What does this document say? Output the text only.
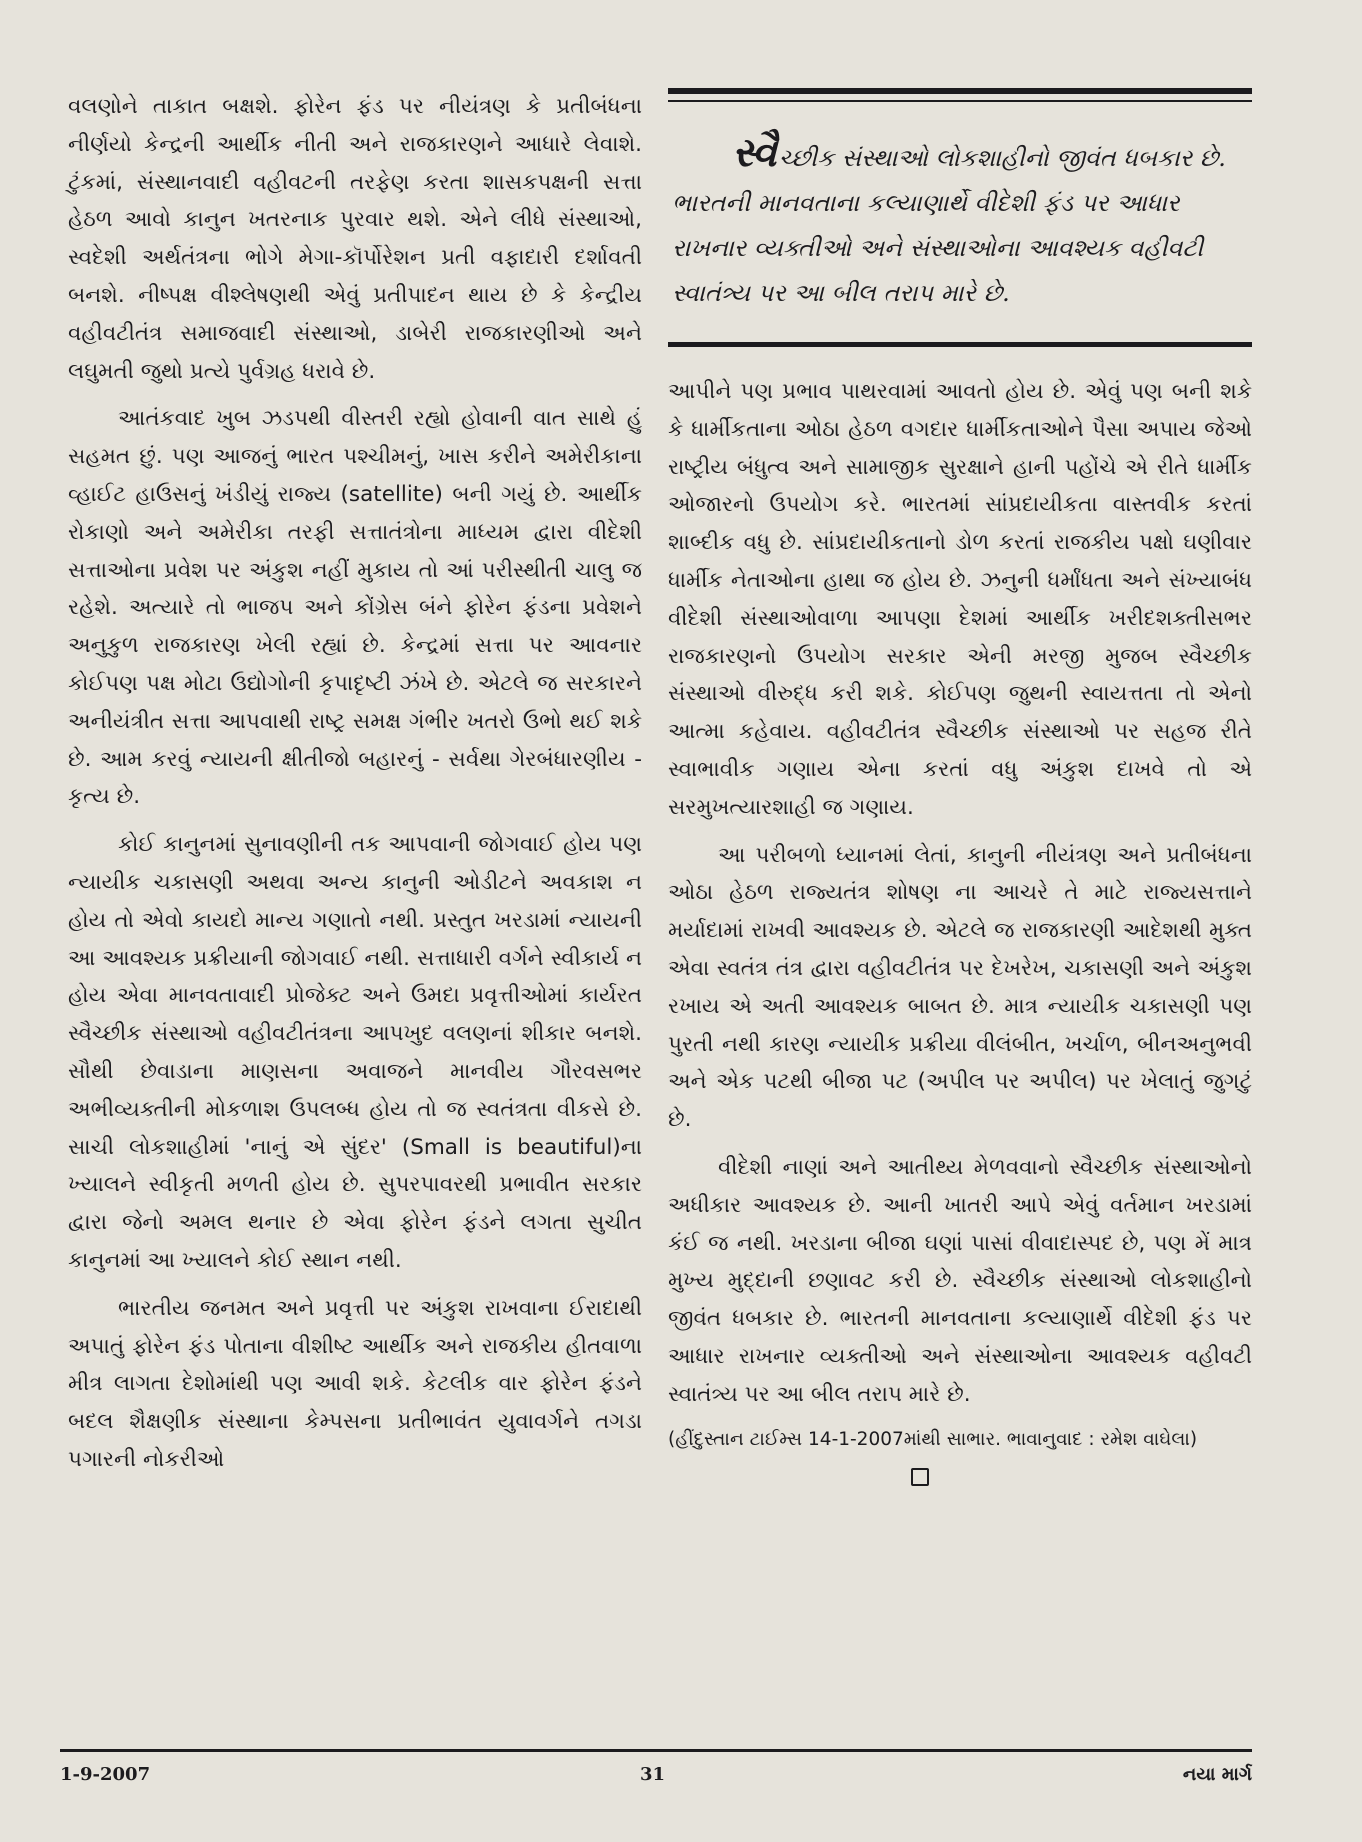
વલણોને તાકાત બક્ષશે. ફોરેન ફંડ પર નીયંત્રણ કે પ્રતીબંધના નીર્ણયો કેન્દ્રની આર્થીક નીતી અને રાજકારણને આધારે લેવાશે. ટુંકમાં, સંસ્થાનવાદી વહીવટની તરફેણ કરતા શાસકપક્ષની સત્તા હેઠળ આવો કાનુન ખતરનાક પુરવાર થશે. એને લીધે સંસ્થાઓ, સ્વદેશી અર્થતંત્રના ભોગે મેગા-કૉર્પોરેશન પ્રતી વફાદારી દર્શાવતી બનશે. નીષ્પક્ષ વીશ્લેષણથી એવું પ્રતીપાદન થાય છે કે કેન્દ્રીય વહીવટીતંત્ર સમાજવાદી સંસ્થાઓ, ડાબેરી રાજકારણીઓ અને લઘુમતી જુથો પ્રત્યે પુર્વગ્રહ ધરાવે છે.

આતંકવાદ ખુબ ઝડપથી વીસ્તરી રહ્યો હોવાની વાત સાથે હું સહમત છું. પણ આજનું ભારત પશ્ચીમનું, ખાસ કરીને અમેરીકાના વ્હાઈટ હાઉસનું ખંડીયું રાજ્ય (satellite) બની ગયું છે. આર્થીક રોકાણો અને અમેરીકા તરફી સત્તાતંત્રોના માધ્યમ દ્વારા વીદેશી સત્તાઓના પ્રવેશ પર અંકુશ નહીં મુકાય તો આં પરીસ્થીતી ચાલુ જ રહેશે. અત્યારે તો ભાજપ અને કોંગ્રેસ બંને ફોરેન ફંડના પ્રવેશને અનુકુળ રાજકારણ ખેલી રહ્યાં છે. કેન્દ્રમાં સત્તા પર આવનાર કોઈપણ પક્ષ મોટા ઉદ્યોગોની કૃપાદૃષ્ટી ઝંખે છે. એટલે જ સરકારને અનીયંત્રીત સત્તા આપવાથી રાષ્ટ્ર સમક્ષ ગંભીર ખતરો ઉભો થઈ શકે છે. આમ કરવું ન્યાયની ક્ષીતીજો બહારનું - સર્વથા ગેરબંધારણીય - કૃત્ય છે.

કોઈ કાનુનમાં સુનાવણીની તક આપવાની જોગવાઈ હોય પણ ન્યાયીક ચકાસણી અથવા અન્ય કાનુની ઓડીટને અવકાશ ન હોય તો એવો કાયદો માન્ય ગણાતો નથી. પ્રસ્તુત ખરડામાં ન્યાયની આ આવશ્યક પ્રક્રીયાની જોગવાઈ નથી. સત્તાધારી વર્ગને સ્વીકાર્ય ન હોય એવા માનવતાવાદી પ્રોજેક્ટ અને ઉમદા પ્રવૃત્તીઓમાં કાર્યરત સ્વૈચ્છીક સંસ્થાઓ વહીવટીતંત્રના આપખુદ વલણનાં શીકાર બનશે. સૌથી છેવાડાના માણસના અવાજને માનવીય ગૌરવસભર અભીવ્યક્તીની મોકળાશ ઉપલબ્ધ હોય તો જ સ્વતંત્રતા વીકસે છે. સાચી લોકશાહીમાં 'નાનું એ સુંદર' (Small is beautiful)ના ખ્યાલને સ્વીકૃતી મળતી હોય છે. સુપરપાવરથી પ્રભાવીત સરકાર દ્વારા જેનો અમલ થનાર છે એવા ફોરેન ફંડને લગતા સુચીત કાનુનમાં આ ખ્યાલને કોઈ સ્થાન નથી.

ભારતીય જનમત અને પ્રવૃત્તી પર અંકુશ રાખવાના ઈરાદાથી અપાતું ફોરેન ફંડ પોતાના વીશીષ્ટ આર્થીક અને રાજકીય હીતવાળા મીત્ર લાગતા દેશોમાંથી પણ આવી શકે. કેટલીક વાર ફોરેન ફંડને બદલ શૈક્ષણીક સંસ્થાના કેમ્પસના પ્રતીભાવંત યુવાવર્ગને તગડા પગારની નોકરીઓ

સ્વૈચ્છીક સંસ્થાઓ લોકશાહીનો જીવંત ધબકાર છે. ભારતની માનવતાના કલ્યાણાર્થે વીદેશી ફંડ પર આધાર રાખનાર વ્યક્તીઓ અને સંસ્થાઓના આવશ્યક વહીવટી સ્વાતંત્ર્ય પર આ બીલ તરાપ મારે છે.

આપીને પણ પ્રભાવ પાથરવામાં આવતો હોય છે. એવું પણ બની શકે કે ધાર્મીકતાના ઓઠા હેઠળ વગદાર ધાર્મીકતાઓને પૈસા અપાય જેઓ રાષ્ટ્રીય બંધુત્વ અને સામાજીક સુરક્ષાને હાની પહોંચે એ રીતે ધાર્મીક ઓજારનો ઉપયોગ કરે. ભારતમાં સાંપ્રદાયીકતા વાસ્તવીક કરતાં શાબ્દીક વધુ છે. સાંપ્રદાયીકતાનો ડોળ કરતાં રાજકીય પક્ષો ઘણીવાર ધાર્મીક નેતાઓના હાથા જ હોય છે. ઝનુની ધર્માંધતા અને સંખ્યાબંધ વીદેશી સંસ્થાઓવાળા આપણા દેશમાં આર્થીક ખરીદશક્તીસભર રાજકારણનો ઉપયોગ સરકાર એની મરજી મુજબ સ્વૈચ્છીક સંસ્થાઓ વીરુદ્ધ કરી શકે. કોઈપણ જુથની સ્વાયત્તતા તો એનો આત્મા કહેવાય. વહીવટીતંત્ર સ્વૈચ્છીક સંસ્થાઓ પર સહજ રીતે સ્વાભાવીક ગણાય એના કરતાં વધુ અંકુશ દાખવે તો એ સરમુખત્યારશાહી જ ગણાય.

આ પરીબળો ધ્યાનમાં લેતાં, કાનુની નીયંત્રણ અને પ્રતીબંધના ઓઠા હેઠળ રાજ્યતંત્ર શોષણ ના આચરે તે માટે રાજ્યસત્તાને મર્યાદામાં રાખવી આવશ્યક છે. એટલે જ રાજકારણી આદેશથી મુક્ત એવા સ્વતંત્ર તંત્ર દ્વારા વહીવટીતંત્ર પર દેખરેખ, ચકાસણી અને અંકુશ રખાય એ અતી આવશ્યક બાબત છે. માત્ર ન્યાયીક ચકાસણી પણ પુરતી નથી કારણ ન્યાયીક પ્રક્રીયા વીલંબીત, ખર્ચાળ, બીનઅનુભવી અને એક પટથી બીજા પટ (અપીલ પર અપીલ) પર ખેલાતું જુગટું છે.

વીદેશી નાણાં અને આતીથ્ય મેળવવાનો સ્વૈચ્છીક સંસ્થાઓનો અધીકાર આવશ્યક છે. આની ખાતરી આપે એવું વર્તમાન ખરડામાં કંઈ જ નથી. ખરડાના બીજા ઘણાં પાસાં વીવાદાસ્પદ છે, પણ મેં માત્ર મુખ્ય મુદ્દાની છણાવટ કરી છે. સ્વૈચ્છીક સંસ્થાઓ લોકશાહીનો જીવંત ધબકાર છે. ભારતની માનવતાના કલ્યાણાર્થે વીદેશી ફંડ પર આધાર રાખનાર વ્યક્તીઓ અને સંસ્થાઓના આવશ્યક વહીવટી સ્વાતંત્ર્ય પર આ બીલ તરાપ મારે છે.

(હીંદુસ્તાન ટાઈમ્સ 14-1-2007માંથી સાભાર. ભાવાનુવાદ : રમેશ વાઘેલા)

1-9-2007	31	નયા માર્ગ
